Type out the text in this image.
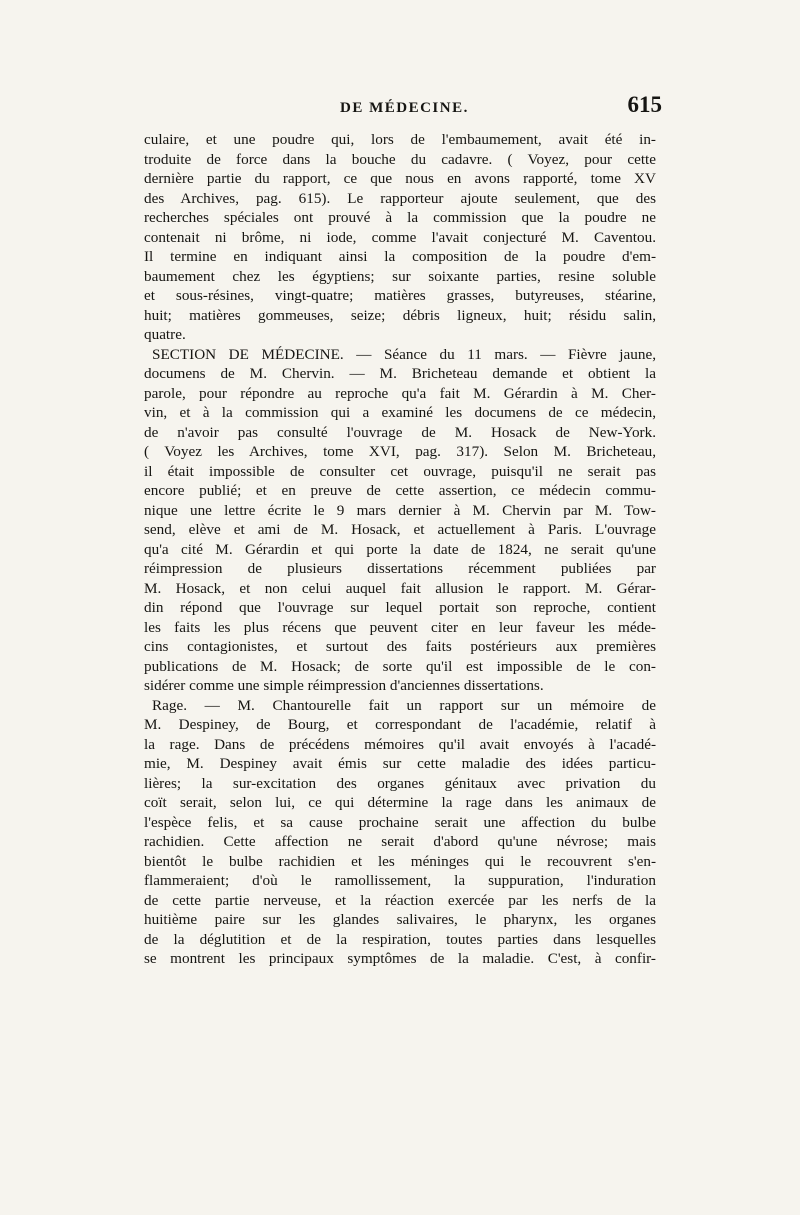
DE MÉDECINE.	615
culaire, et une poudre qui, lors de l'embaumement, avait été in-
troduite de force dans la bouche du cadavre. ( Voyez, pour cette
dernière partie du rapport, ce que nous en avons rapporté, tome XV
des Archives, pag. 615). Le rapporteur ajoute seulement, que des
recherches spéciales ont prouvé à la commission que la poudre ne
contenait ni brôme, ni iode, comme l'avait conjecturé M. Caventou.
Il termine en indiquant ainsi la composition de la poudre d'em-
baumement chez les égyptiens; sur soixante parties, resine soluble
et sous-résines, vingt-quatre; matières grasses, butyreuses, stéarine,
huit; matières gommeuses, seize; débris ligneux, huit; résidu salin,
quatre.
SECTION DE MÉDECINE. — Séance du 11 mars. — Fièvre jaune,
documens de M. Chervin. — M. Bricheteau demande et obtient la
parole, pour répondre au reproche qu'a fait M. Gérardin à M. Cher-
vin, et à la commission qui a examiné les documens de ce médecin,
de n'avoir pas consulté l'ouvrage de M. Hosack de New-York.
( Voyez les Archives, tome XVI, pag. 317). Selon M. Bricheteau,
il était impossible de consulter cet ouvrage, puisqu'il ne serait pas
encore publié; et en preuve de cette assertion, ce médecin commu-
nique une lettre écrite le 9 mars dernier à M. Chervin par M. Tow-
send, elève et ami de M. Hosack, et actuellement à Paris. L'ouvrage
qu'a cité M. Gérardin et qui porte la date de 1824, ne serait qu'une
réimpression de plusieurs dissertations récemment publiées par
M. Hosack, et non celui auquel fait allusion le rapport. M. Gérar-
din répond que l'ouvrage sur lequel portait son reproche, contient
les faits les plus récens que peuvent citer en leur faveur les méde-
cins contagionistes, et surtout des faits postérieurs aux premières
publications de M. Hosack; de sorte qu'il est impossible de le con-
sidérer comme une simple réimpression d'anciennes dissertations.
Rage. — M. Chantourelle fait un rapport sur un mémoire de
M. Despiney, de Bourg, et correspondant de l'académie, relatif à
la rage. Dans de précédens mémoires qu'il avait envoyés à l'acadé-
mie, M. Despiney avait émis sur cette maladie des idées particu-
lières; la sur-excitation des organes génitaux avec privation du
coït serait, selon lui, ce qui détermine la rage dans les animaux de
l'espèce felis, et sa cause prochaine serait une affection du bulbe
rachidien. Cette affection ne serait d'abord qu'une névrose; mais
bientôt le bulbe rachidien et les méninges qui le recouvrent s'en-
flammeraient; d'où le ramollissement, la suppuration, l'induration
de cette partie nerveuse, et la réaction exercée par les nerfs de la
huitième paire sur les glandes salivaires, le pharynx, les organes
de la déglutition et de la respiration, toutes parties dans lesquelles
se montrent les principaux symptômes de la maladie. C'est, à confir-
